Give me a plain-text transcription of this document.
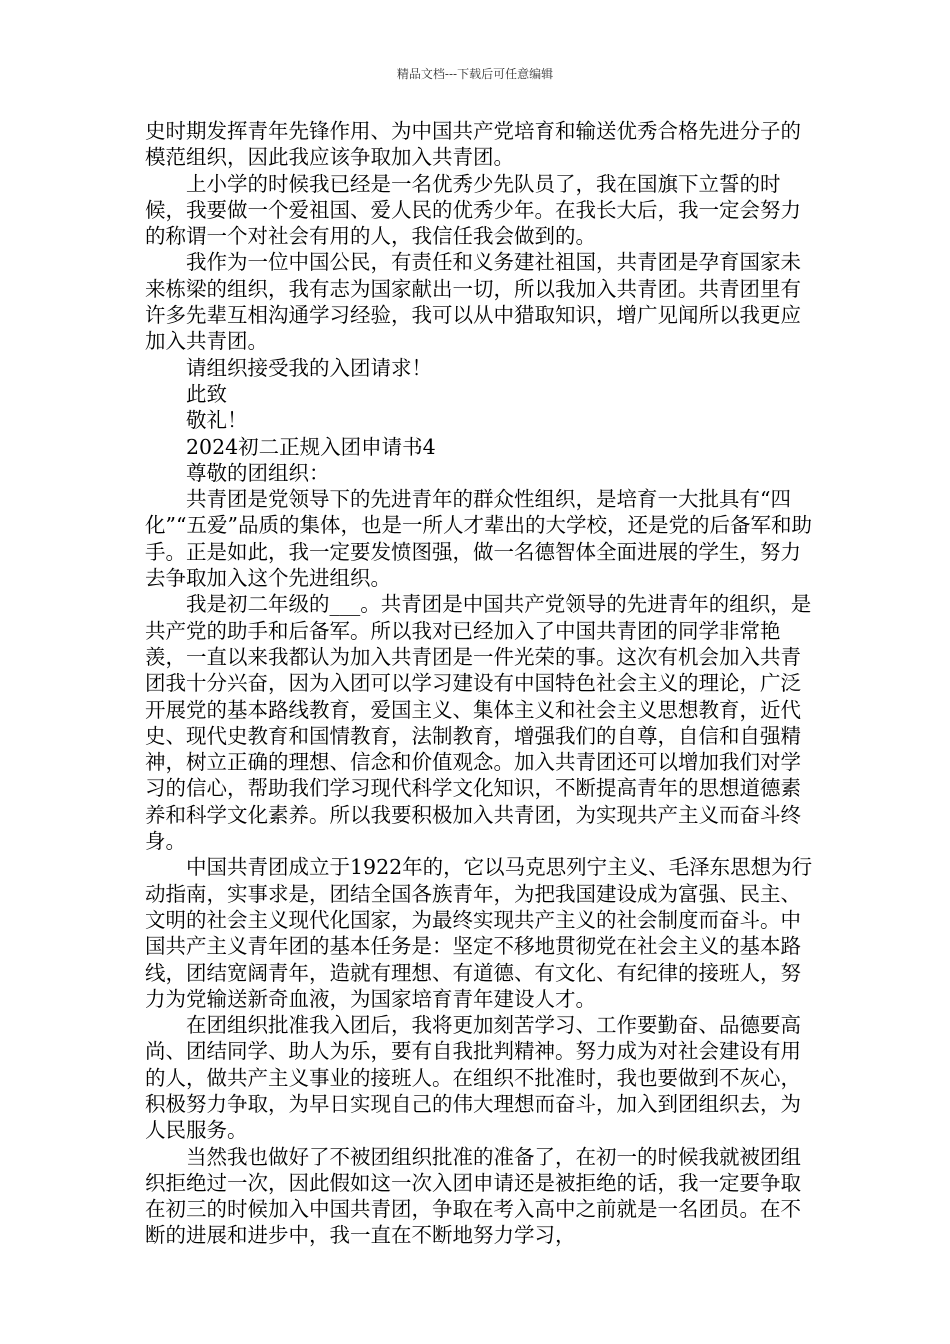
精品文档---下载后可任意编辑

史时期发挥青年先锋作用、为中国共产党培育和输送优秀合格先进分子的模范组织，因此我应该争取加入共青团。

上小学的时候我已经是一名优秀少先队员了，我在国旗下立誓的时候，我要做一个爱祖国、爱人民的优秀少年。在我长大后，我一定会努力的称谓一个对社会有用的人，我信任我会做到的。

我作为一位中国公民，有责任和义务建社祖国，共青团是孕育国家未来栋梁的组织，我有志为国家献出一切，所以我加入共青团。共青团里有许多先辈互相沟通学习经验，我可以从中猎取知识，增广见闻所以我更应加入共青团。

请组织接受我的入团请求！

此致

敬礼！

2024初二正规入团申请书4

尊敬的团组织：

共青团是党领导下的先进青年的群众性组织，是培育一大批具有“四化”“五爱”品质的集体，也是一所人才辈出的大学校，还是党的后备军和助手。正是如此，我一定要发愤图强，做一名德智体全面进展的学生，努力去争取加入这个先进组织。

我是初二年级的___。共青团是中国共产党领导的先进青年的组织，是共产党的助手和后备军。所以我对已经加入了中国共青团的同学非常艳羡，一直以来我都认为加入共青团是一件光荣的事。这次有机会加入共青团我十分兴奋，因为入团可以学习建设有中国特色社会主义的理论，广泛开展党的基本路线教育，爱国主义、集体主义和社会主义思想教育，近代史、现代史教育和国情教育，法制教育，增强我们的自尊，自信和自强精神，树立正确的理想、信念和价值观念。加入共青团还可以增加我们对学习的信心，帮助我们学习现代科学文化知识，不断提高青年的思想道德素养和科学文化素养。所以我要积极加入共青团，为实现共产主义而奋斗终身。

中国共青团成立于1922年的，它以马克思列宁主义、毛泽东思想为行动指南，实事求是，团结全国各族青年，为把我国建设成为富强、民主、文明的社会主义现代化国家，为最终实现共产主义的社会制度而奋斗。中国共产主义青年团的基本任务是：坚定不移地贯彻党在社会主义的基本路线，团结宽阔青年，造就有理想、有道德、有文化、有纪律的接班人，努力为党输送新奇血液，为国家培育青年建设人才。

在团组织批准我入团后，我将更加刻苦学习、工作要勤奋、品德要高尚、团结同学、助人为乐，要有自我批判精神。努力成为对社会建设有用的人，做共产主义事业的接班人。在组织不批准时，我也要做到不灰心，积极努力争取，为早日实现自己的伟大理想而奋斗，加入到团组织去，为人民服务。

当然我也做好了不被团组织批准的准备了，在初一的时候我就被团组织拒绝过一次，因此假如这一次入团申请还是被拒绝的话，我一定要争取在初三的时候加入中国共青团，争取在考入高中之前就是一名团员。在不断的进展和进步中，我一直在不断地努力学习，
